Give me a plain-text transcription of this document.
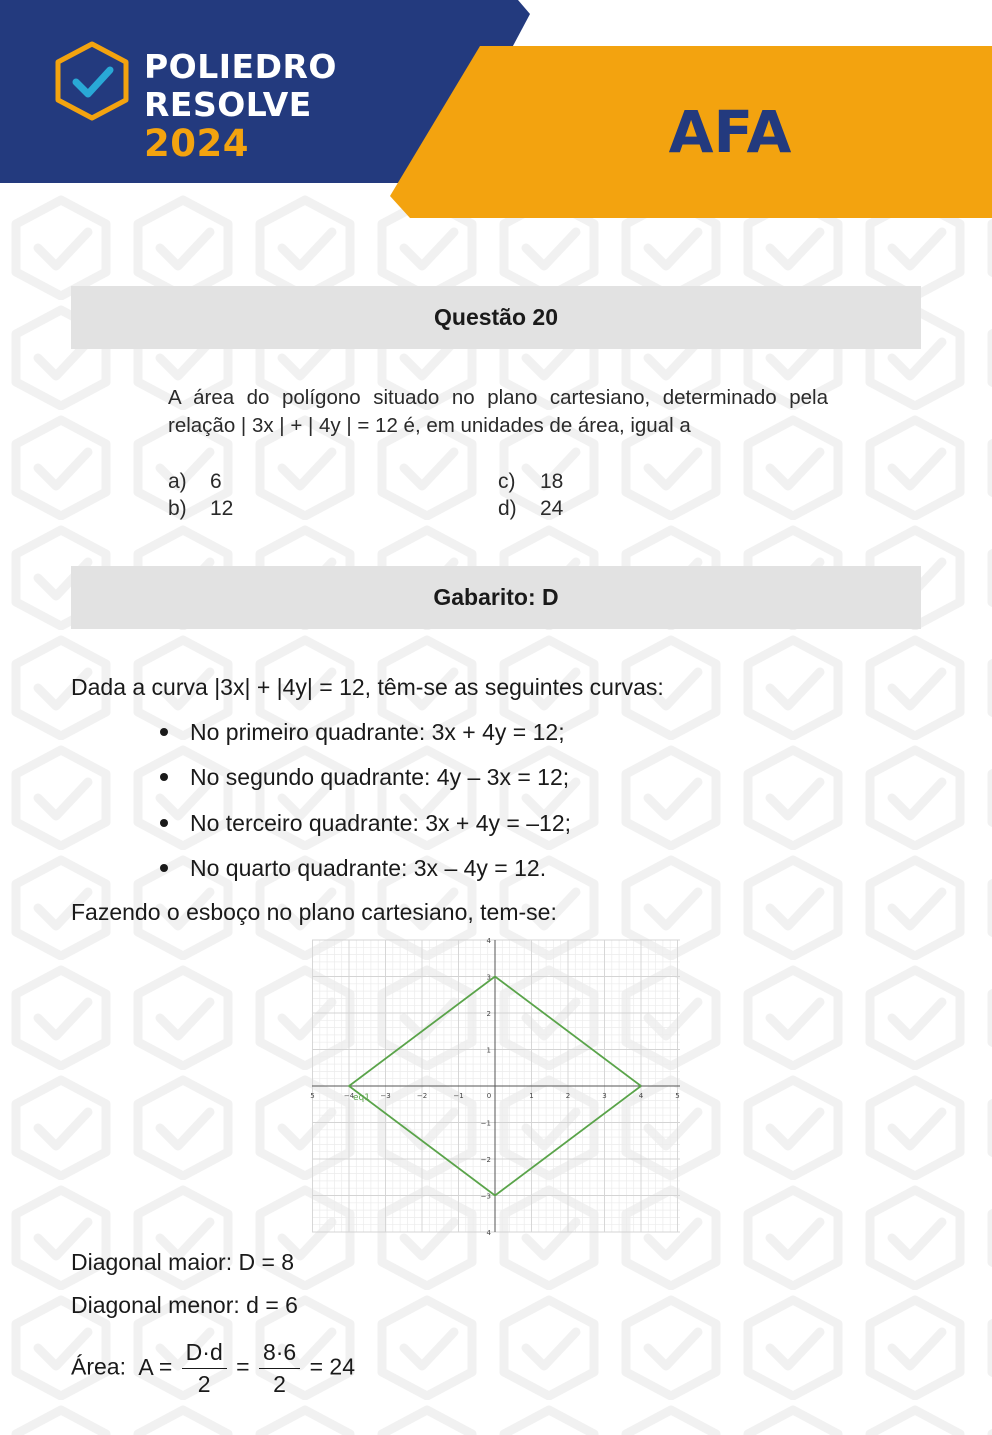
POLIEDRO
RESOLVE
2024	AFA
Questão 20
A área do polígono situado no plano cartesiano, determinado pela relação | 3x | + | 4y | = 12 é, em unidades de área, igual a
a) 6
b) 12
c) 18
d) 24
Gabarito: D
Dada a curva |3x| + |4y| = 12, têm-se as seguintes curvas:
No primeiro quadrante: 3x + 4y = 12;
No segundo quadrante: 4y – 3x = 12;
No terceiro quadrante: 3x + 4y = –12;
No quarto quadrante: 3x – 4y = 12.
Fazendo o esboço no plano cartesiano, tem-se:
5	−4	−3	−2	−1	0	1	2	3	4	5
4
−3
−2
−1
1
2
3
4
eq1
Diagonal maior: D = 8
Diagonal menor: d = 6
Área: $A = \frac{D\cdot d}{2} = \frac{8\cdot 6}{2} = 24$
